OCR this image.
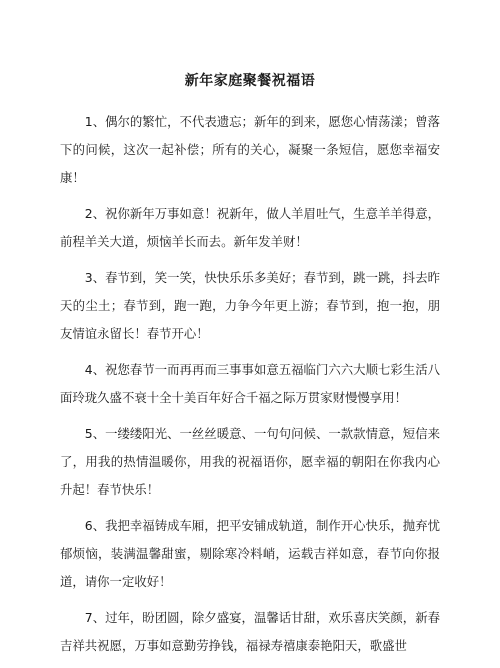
新年家庭聚餐祝福语

1、偶尔的繁忙，不代表遗忘；新年的到来，愿您心情荡漾；曾落下的问候，这次一起补偿；所有的关心，凝聚一条短信，愿您幸福安康！

2、祝你新年万事如意！祝新年，做人羊眉吐气，生意羊羊得意，前程羊关大道，烦恼羊长而去。新年发羊财！

3、春节到，笑一笑，快快乐乐多美好；春节到，跳一跳，抖去昨天的尘土；春节到，跑一跑，力争今年更上游；春节到，抱一抱，朋友情谊永留长！春节开心！

4、祝您春节一而再再而三事事如意五福临门六六大顺七彩生活八面玲珑久盛不衰十全十美百年好合千福之际万贯家财慢慢享用！

5、一缕缕阳光、一丝丝暖意、一句句问候、一款款情意，短信来了，用我的热情温暖你，用我的祝福语你，愿幸福的朝阳在你我内心升起！春节快乐！

6、我把幸福铸成车厢，把平安铺成轨道，制作开心快乐，抛弃忧郁烦恼，装满温馨甜蜜，剔除寒冷料峭，运载吉祥如意，春节向你报道，请你一定收好！

7、过年，盼团圆，除夕盛宴，温馨话甘甜，欢乐喜庆笑颜，新春吉祥共祝愿，万事如意勤劳挣钱，福禄寿禧康泰艳阳天，歌盛世
